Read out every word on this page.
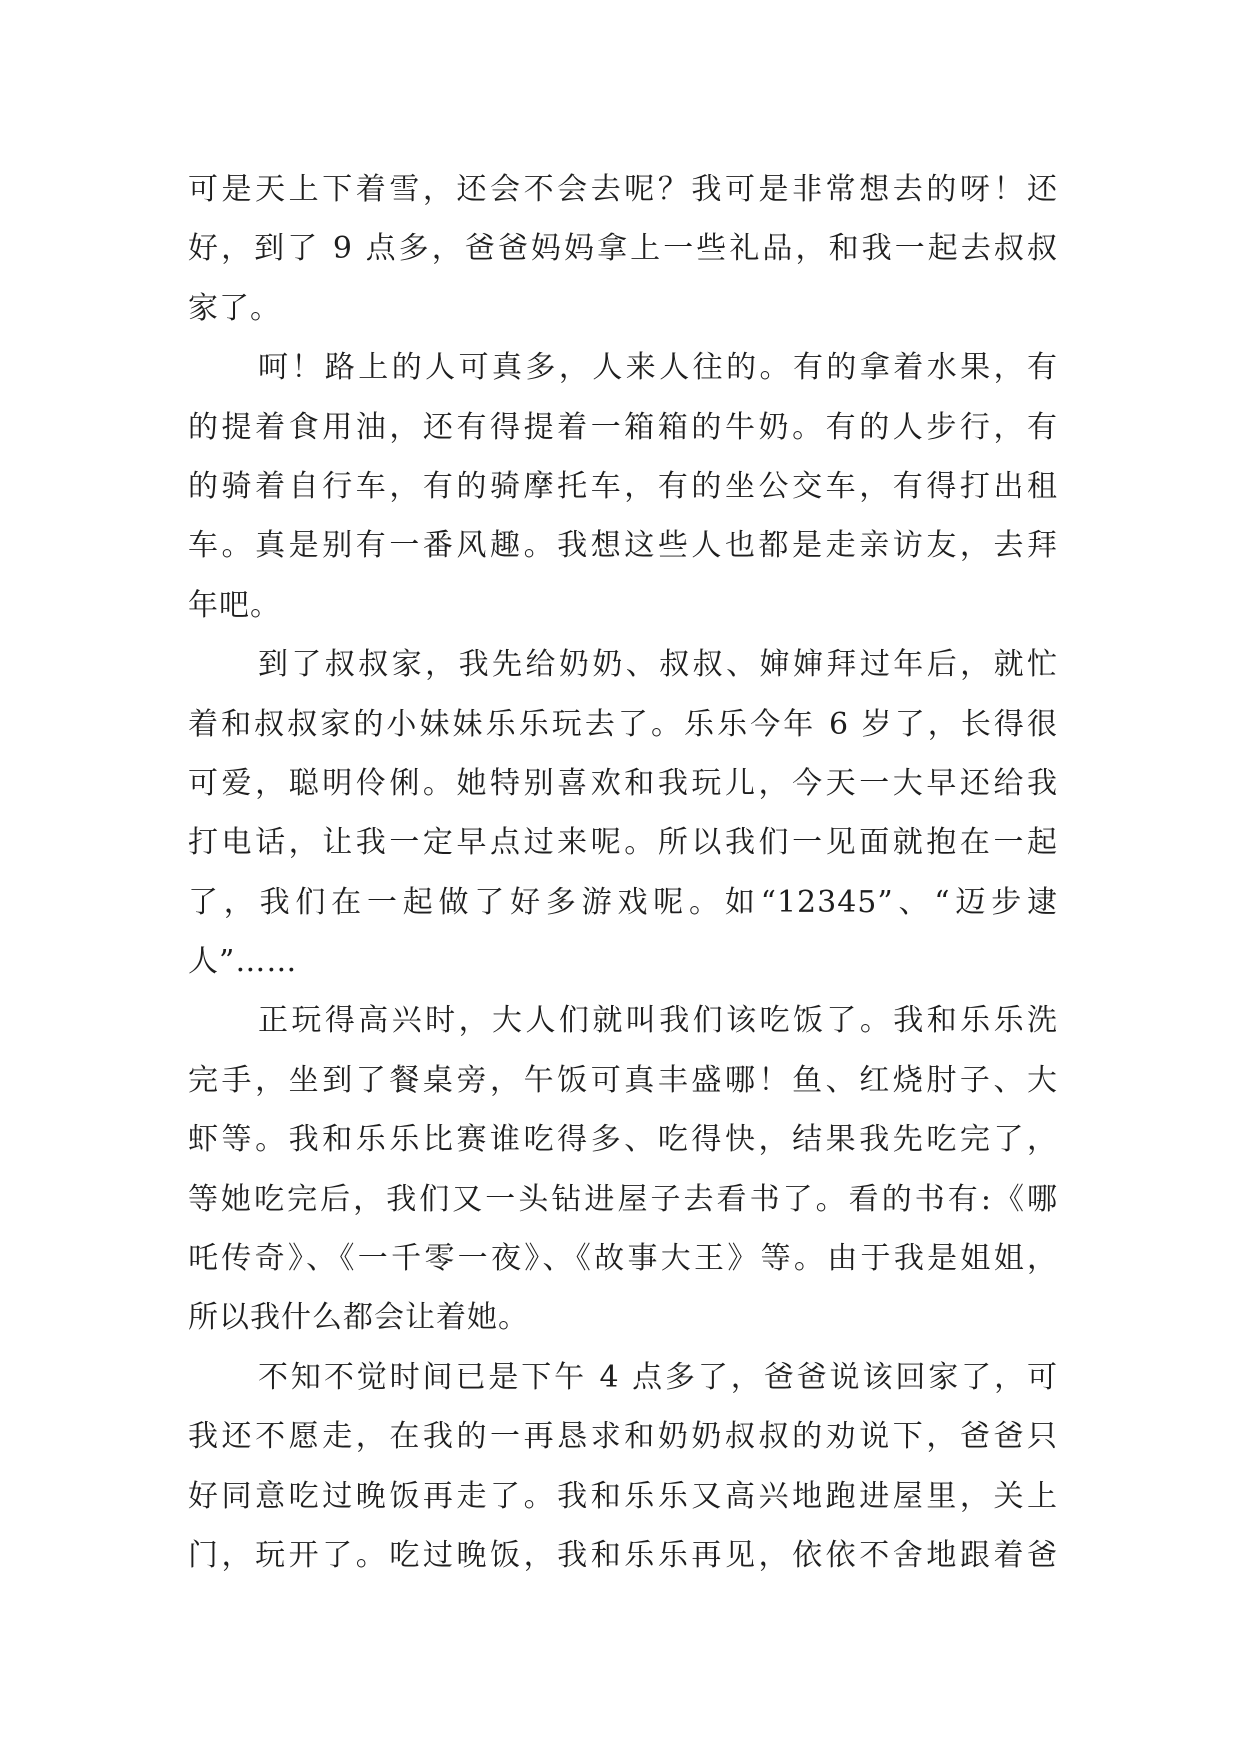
可是天上下着雪，还会不会去呢？我可是非常想去的呀！还
好，到了 9 点多，爸爸妈妈拿上一些礼品，和我一起去叔叔
家了。
呵！路上的人可真多，人来人往的。有的拿着水果，有
的提着食用油，还有得提着一箱箱的牛奶。有的人步行，有
的骑着自行车，有的骑摩托车，有的坐公交车，有得打出租
车。真是别有一番风趣。我想这些人也都是走亲访友，去拜
年吧。
到了叔叔家，我先给奶奶、叔叔、婶婶拜过年后，就忙
着和叔叔家的小妹妹乐乐玩去了。乐乐今年 6 岁了，长得很
可爱，聪明伶俐。她特别喜欢和我玩儿，今天一大早还给我
打电话，让我一定早点过来呢。所以我们一见面就抱在一起
了，我们在一起做了好多游戏呢。如“12345”、“迈步逮
人”……
正玩得高兴时，大人们就叫我们该吃饭了。我和乐乐洗
完手，坐到了餐桌旁，午饭可真丰盛哪！鱼、红烧肘子、大
虾等。我和乐乐比赛谁吃得多、吃得快，结果我先吃完了，
等她吃完后，我们又一头钻进屋子去看书了。看的书有:《哪
吒传奇》、《一千零一夜》、《故事大王》等。由于我是姐姐，
所以我什么都会让着她。
不知不觉时间已是下午 4 点多了，爸爸说该回家了，可
我还不愿走，在我的一再恳求和奶奶叔叔的劝说下，爸爸只
好同意吃过晚饭再走了。我和乐乐又高兴地跑进屋里，关上
门，玩开了。吃过晚饭，我和乐乐再见，依依不舍地跟着爸
